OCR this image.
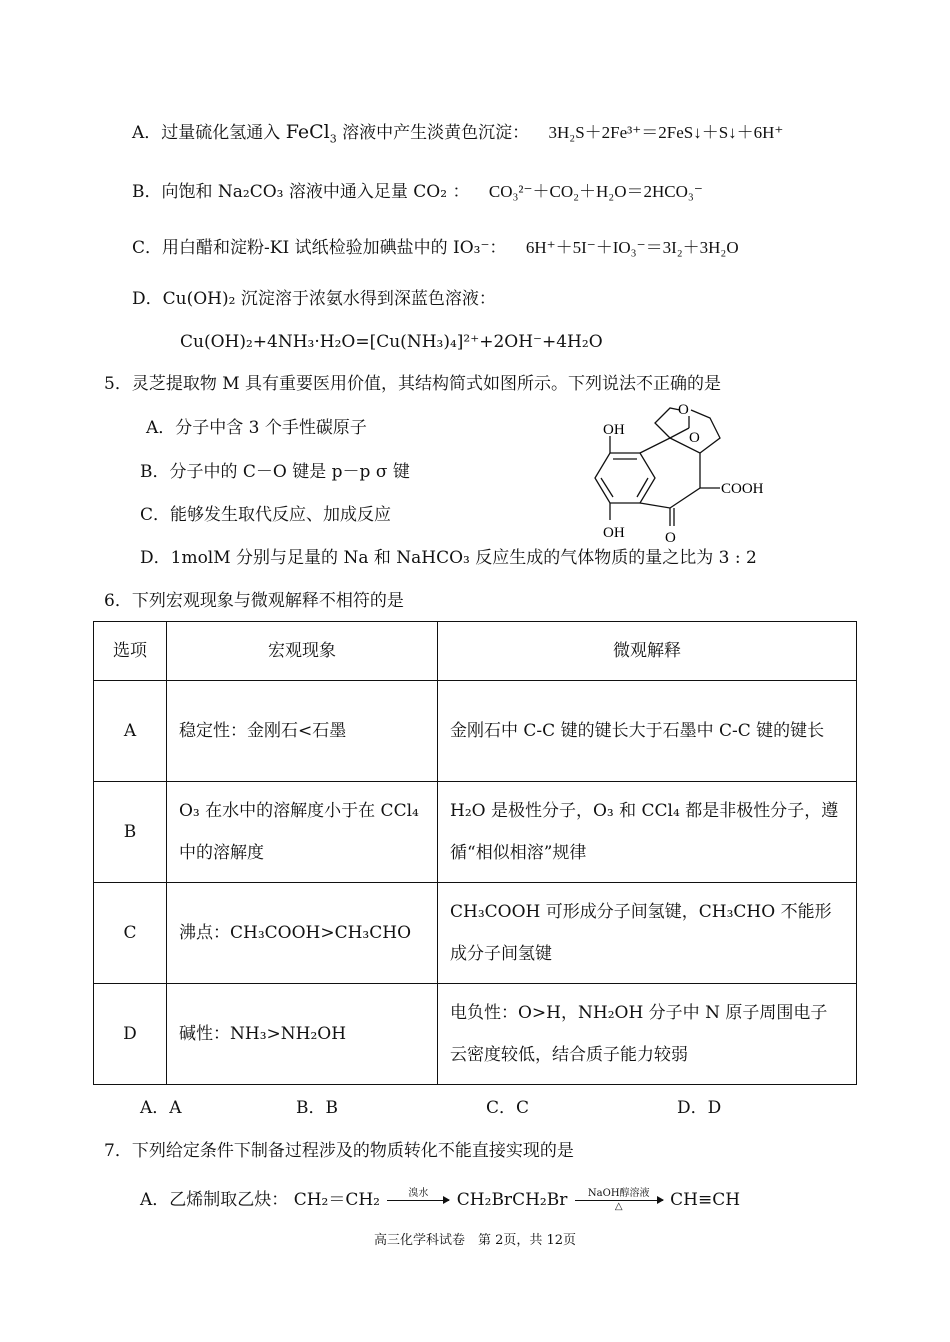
A．过量硫化氢通入 FeCl$_3$ 溶液中产生淡黄色沉淀： 3H₂S＋2Fe³⁺＝2FeS↓＋S↓＋6H⁺
B．向饱和 Na₂CO₃ 溶液中通入足量 CO₂ ： CO₃²⁻＋CO₂＋H₂O＝2HCO₃⁻
C．用白醋和淀粉-KI 试纸检验加碘盐中的 IO₃⁻： 6H⁺＋5I⁻＋IO₃⁻＝3I₂＋3H₂O
D．Cu(OH)₂ 沉淀溶于浓氨水得到深蓝色溶液：
Cu(OH)₂+4NH₃·H₂O=[Cu(NH₃)₄]²⁺+2OH⁻+4H₂O
5．灵芝提取物 M 具有重要医用价值，其结构简式如图所示。下列说法不正确的是
A．分子中含 3 个手性碳原子
B．分子中的 C－O 键是 p－p σ 键
C．能够发生取代反应、加成反应
D．1molM 分别与足量的 Na 和 NaHCO₃ 反应生成的气体物质的量之比为 3 : 2
OH
OH	O
O
O
COOH
6．下列宏观现象与微观解释不相符的是
选项	宏观现象	微观解释
A	稳定性：金刚石<石墨	金刚石中 C-C 键的键长大于石墨中 C-C 键的键长
B	O₃ 在水中的溶解度小于在 CCl₄ 中的溶解度	H₂O 是极性分子，O₃ 和 CCl₄ 都是非极性分子，遵循“相似相溶”规律
C	沸点：CH₃COOH>CH₃CHO	CH₃COOH 可形成分子间氢键，CH₃CHO 不能形成分子间氢键
D	碱性：NH₃>NH₂OH	电负性：O>H，NH₂OH 分子中 N 原子周围电子云密度较低，结合质子能力较弱
A．A	B．B	C．C	D．D
7．下列给定条件下制备过程涉及的物质转化不能直接实现的是
A．乙烯制取乙炔： CH₂＝CH₂	溴水	CH₂BrCH₂Br	NaOH醇溶液
△	CH≡CH
高三化学科试卷　第 2页，共 12页
